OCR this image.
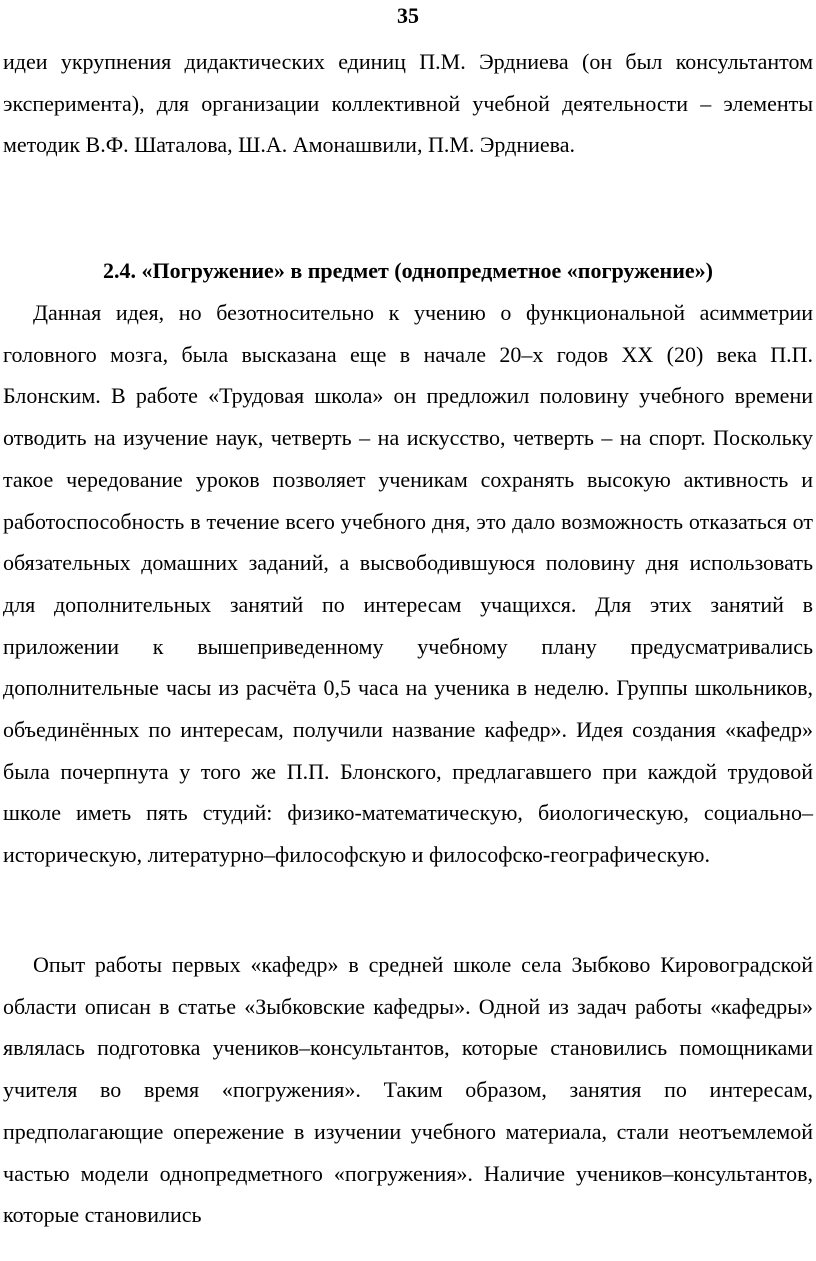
35

идеи укрупнения дидактических единиц П.М. Эрдниева (он был консультантом эксперимента), для организации коллективной учебной деятельности – элементы методик В.Ф. Шаталова, Ш.А. Амонашвили, П.М. Эрдниева.

2.4. «Погружение» в предмет (однопредметное «погружение»)

Данная идея, но безотносительно к учению о функциональной асимметрии головного мозга, была высказана еще в начале 20–х годов XX (20) века П.П. Блонским. В работе «Трудовая школа» он предложил половину учебного времени отводить на изучение наук, четверть – на искусство, четверть – на спорт. Поскольку такое чередование уроков позволяет ученикам сохранять высокую активность и работоспособность в течение всего учебного дня, это дало возможность отказаться от обязательных домашних заданий, а высвободившуюся половину дня использовать для дополнительных занятий по интересам учащихся. Для этих занятий в приложении к вышеприведенному учебному плану предусматривались дополнительные часы из расчёта 0,5 часа на ученика в неделю. Группы школьников, объединённых по интересам, получили название кафедр». Идея создания «кафедр» была почерпнута у того же П.П. Блонского, предлагавшего при каждой трудовой школе иметь пять студий: физико-математическую, биологическую, социально–историческую, литературно–философскую и философско-географическую.

Опыт работы первых «кафедр» в средней школе села Зыбково Кировоградской области описан в статье «Зыбковские кафедры». Одной из задач работы «кафедры» являлась подготовка учеников–консультантов, которые становились помощниками учителя во время «погружения». Таким образом, занятия по интересам, предполагающие опережение в изучении учебного материала, стали неотъемлемой частью модели однопредметного «погружения». Наличие учеников–консультантов, которые становились
